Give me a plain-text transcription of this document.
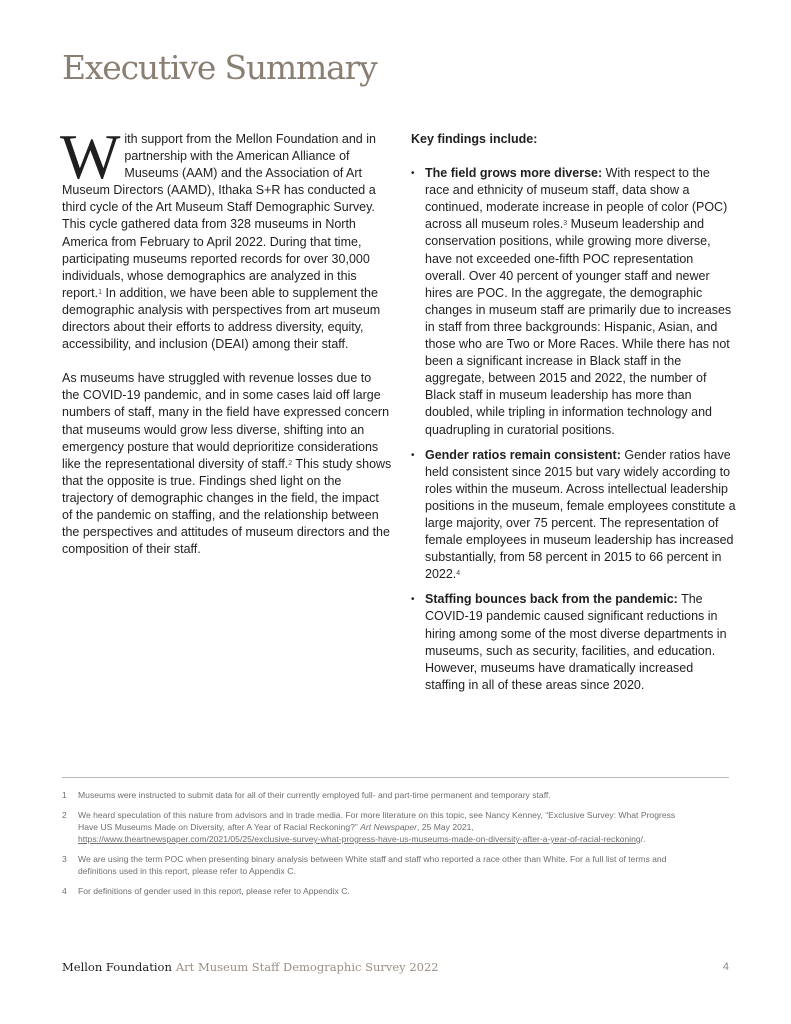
Executive Summary

With support from the Mellon Foundation and in partnership with the American Alliance of Museums (AAM) and the Association of Art Museum Directors (AAMD), Ithaka S+R has conducted a third cycle of the Art Museum Staff Demographic Survey. This cycle gathered data from 328 museums in North America from February to April 2022. During that time, participating museums reported records for over 30,000 individuals, whose demographics are analyzed in this report.$^1$ In addition, we have been able to supplement the demographic analysis with perspectives from art museum directors about their efforts to address diversity, equity, accessibility, and inclusion (DEAI) among their staff.

As museums have struggled with revenue losses due to the COVID-19 pandemic, and in some cases laid off large numbers of staff, many in the field have expressed concern that museums would grow less diverse, shifting into an emergency posture that would deprioritize considerations like the representational diversity of staff.$^2$ This study shows that the opposite is true. Findings shed light on the trajectory of demographic changes in the field, the impact of the pandemic on staffing, and the relationship between the perspectives and attitudes of museum directors and the composition of their staff.

Key findings include:
• The field grows more diverse: With respect to the race and ethnicity of museum staff, data show a continued, moderate increase in people of color (POC) across all museum roles.$^3$ Museum leadership and conservation positions, while growing more diverse, have not exceeded one-fifth POC representation overall. Over 40 percent of younger staff and newer hires are POC. In the aggregate, the demographic changes in museum staff are primarily due to increases in staff from three backgrounds: Hispanic, Asian, and those who are Two or More Races. While there has not been a significant increase in Black staff in the aggregate, between 2015 and 2022, the number of Black staff in museum leadership has more than doubled, while tripling in information technology and quadrupling in curatorial positions.
• Gender ratios remain consistent: Gender ratios have held consistent since 2015 but vary widely according to roles within the museum. Across intellectual leadership positions in the museum, female employees constitute a large majority, over 75 percent. The representation of female employees in museum leadership has increased substantially, from 58 percent in 2015 to 66 percent in 2022.$^4$
• Staffing bounces back from the pandemic: The COVID-19 pandemic caused significant reductions in hiring among some of the most diverse departments in museums, such as security, facilities, and education. However, museums have dramatically increased staffing in all of these areas since 2020.
1 Museums were instructed to submit data for all of their currently employed full- and part-time permanent and temporary staff.
2 We heard speculation of this nature from advisors and in trade media. For more literature on this topic, see Nancy Kenney, “Exclusive Survey: What Progress Have US Museums Made on Diversity, after A Year of Racial Reckoning?” Art Newspaper, 25 May 2021, https://www.theartnewspaper.com/2021/05/25/exclusive-survey-what-progress-have-us-museums-made-on-diversity-after-a-year-of-racial-reckoning/.
3 We are using the term POC when presenting binary analysis between White staff and staff who reported a race other than White. For a full list of terms and definitions used in this report, please refer to Appendix C.
4 For definitions of gender used in this report, please refer to Appendix C.
Mellon Foundation Art Museum Staff Demographic Survey 2022	4
